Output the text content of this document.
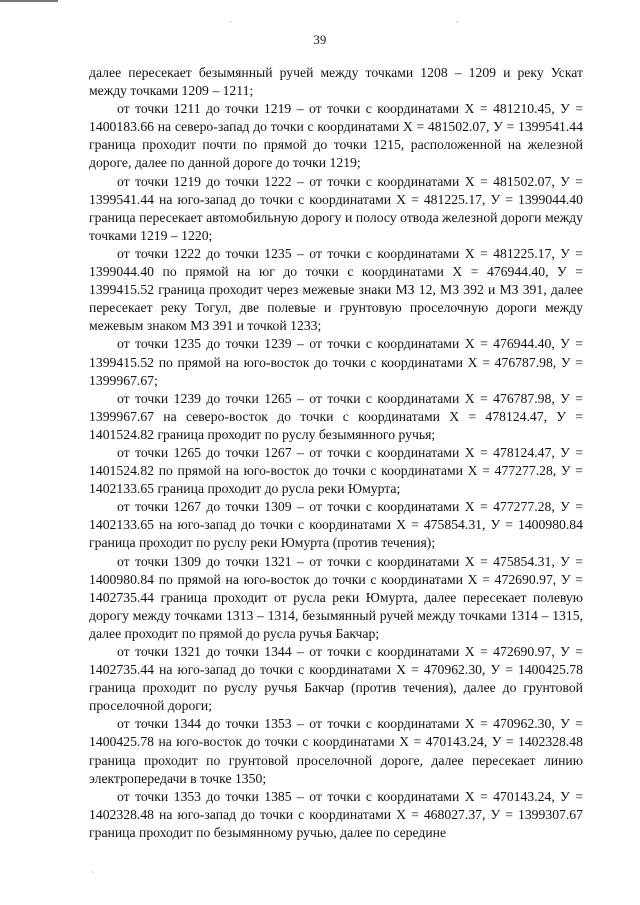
ˊ	ˊ
ˋ
39

далее пересекает безымянный ручей между точками 1208 – 1209 и реку Ускат между точками 1209 – 1211;

от точки 1211 до точки 1219 – от точки с координатами Х = 481210.45, У = 1400183.66 на северо-запад до точки с координатами Х = 481502.07, У = 1399541.44 граница проходит почти по прямой до точки 1215, расположенной на железной дороге, далее по данной дороге до точки 1219;

от точки 1219 до точки 1222 – от точки с координатами Х = 481502.07, У = 1399541.44 на юго-запад до точки с координатами Х = 481225.17, У = 1399044.40 граница пересекает автомобильную дорогу и полосу отвода железной дороги между точками 1219 – 1220;

от точки 1222 до точки 1235 – от точки с координатами Х = 481225.17, У = 1399044.40 по прямой на юг до точки с координатами Х = 476944.40, У = 1399415.52 граница проходит через межевые знаки МЗ 12, МЗ 392 и МЗ 391, далее пересекает реку Тогул, две полевые и грунтовую проселочную дороги между межевым знаком МЗ 391 и точкой 1233;

от точки 1235 до точки 1239 – от точки с координатами Х = 476944.40, У = 1399415.52 по прямой на юго-восток до точки с координатами Х = 476787.98, У = 1399967.67;

от точки 1239 до точки 1265 – от точки с координатами Х = 476787.98, У = 1399967.67 на северо-восток до точки с координатами Х = 478124.47, У = 1401524.82 граница проходит по руслу безымянного ручья;

от точки 1265 до точки 1267 – от точки с координатами Х = 478124.47, У = 1401524.82 по прямой на юго-восток до точки с координатами Х = 477277.28, У = 1402133.65 граница проходит до русла реки Юмурта;

от точки 1267 до точки 1309 – от точки с координатами Х = 477277.28, У = 1402133.65 на юго-запад до точки с координатами Х = 475854.31, У = 1400980.84 граница проходит по руслу реки Юмурта (против течения);

от точки 1309 до точки 1321 – от точки с координатами Х = 475854.31, У = 1400980.84 по прямой на юго-восток до точки с координатами Х = 472690.97, У = 1402735.44 граница проходит от русла реки Юмурта, далее пересекает полевую дорогу между точками 1313 – 1314, безымянный ручей между точками 1314 – 1315, далее проходит по прямой до русла ручья Бакчар;

от точки 1321 до точки 1344 – от точки с координатами Х = 472690.97, У = 1402735.44 на юго-запад до точки с координатами Х = 470962.30, У = 1400425.78 граница проходит по руслу ручья Бакчар (против течения), далее до грунтовой проселочной дороги;

от точки 1344 до точки 1353 – от точки с координатами Х = 470962.30, У = 1400425.78 на юго-восток до точки с координатами Х = 470143.24, У = 1402328.48 граница проходит по грунтовой проселочной дороге, далее пересекает линию электропередачи в точке 1350;

от точки 1353 до точки 1385 – от точки с координатами Х = 470143.24, У = 1402328.48 на юго-запад до точки с координатами Х = 468027.37, У = 1399307.67 граница проходит по безымянному ручью, далее по середине
